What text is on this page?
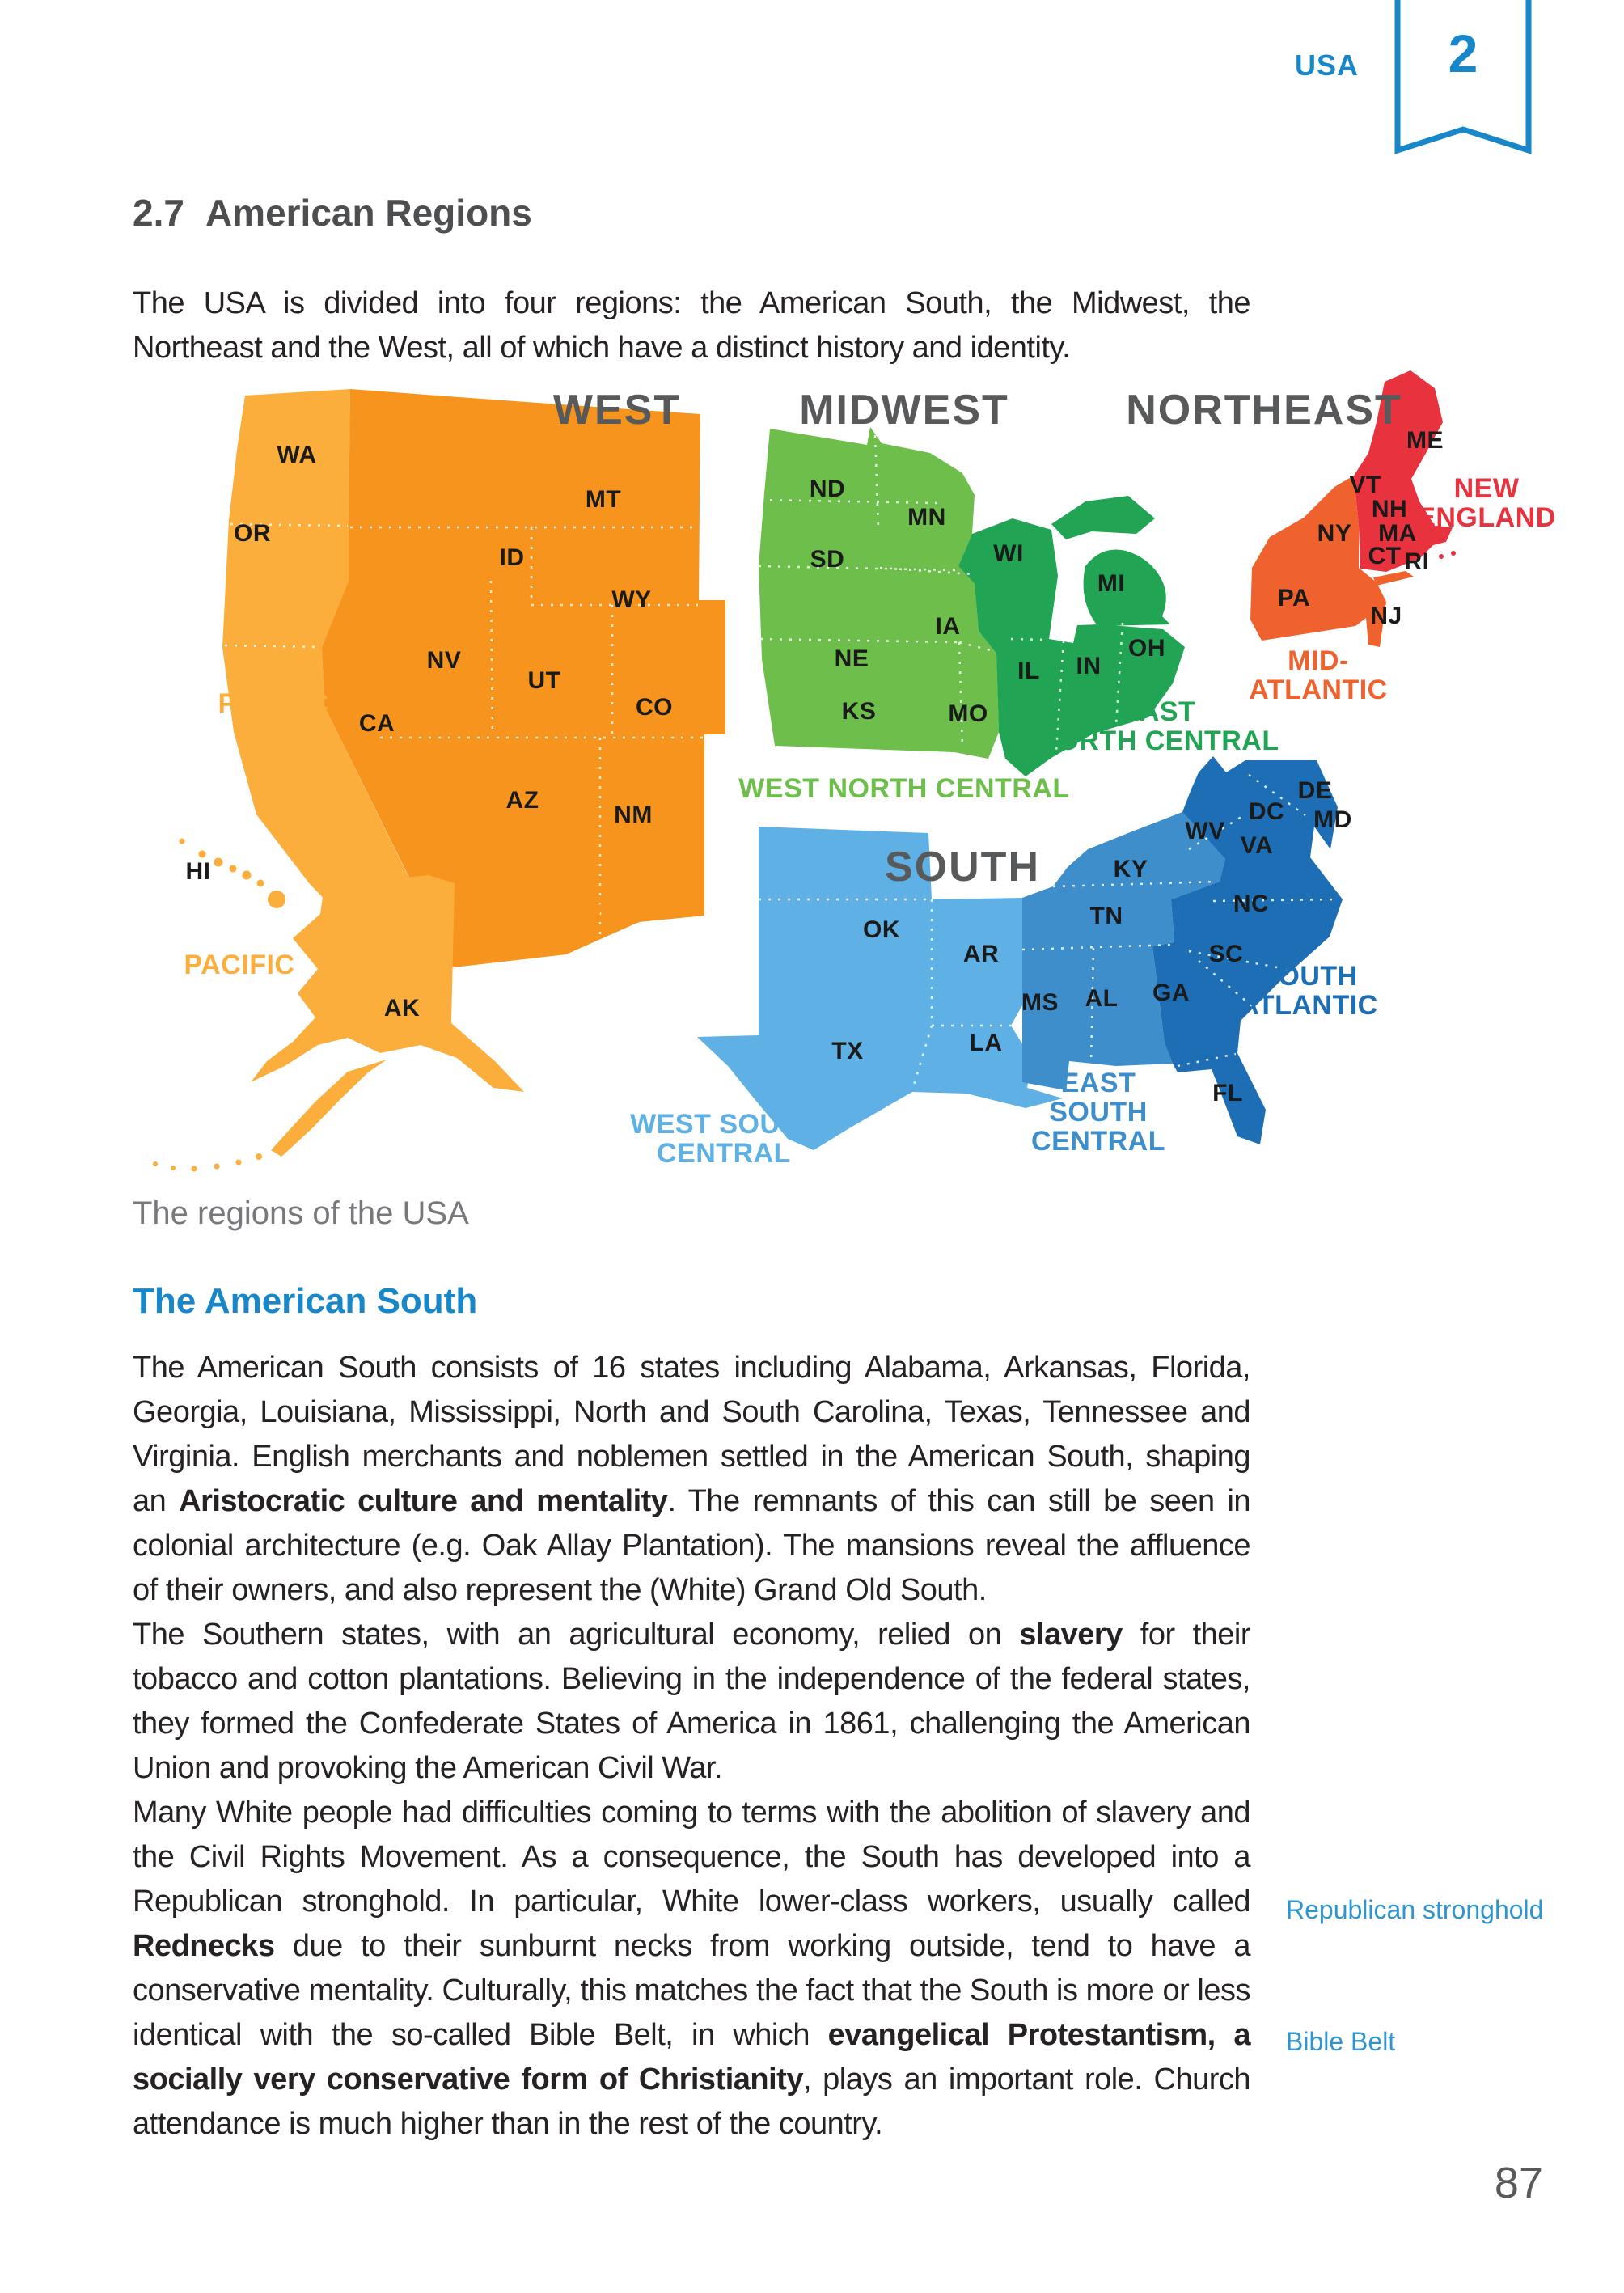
USA	2
2.7 American Regions
The USA is divided into four regions: the American South, the Midwest, the Northeast and the West, all of which have a distinct history and identity.
WEST	MIDWEST	NORTHEAST
SOUTH
PACIFIC
PACIFIC
MOUNTAIN
WEST NORTH CENTRAL
EAST
NORTH CENTRAL
NEW
ENGLAND
MID-
ATLANTIC
SOUTH
ATLANTIC
EAST
SOUTH
CENTRAL
WEST SOUTH
CENTRAL
WA
OR
MT
ID
WY
NV
UT
CO
CA
AZ
NM
HI
AK
ND
MN
SD	WI
MI
IA
NE	IL IN
OH
KS	MO
ME
VT
NH
MA
CT RI
NY
PA
NJ
DE
MD
DC
WV
VA
KY
NC
TN
SC
GA
AL
MS
AR
OK
LA
TX
FL
The regions of the USA
The American South

The American South consists of 16 states including Alabama, Arkansas, Florida, Georgia, Louisiana, Mississippi, North and South Carolina, Texas, Tennessee and Virginia. English merchants and noblemen settled in the American South, shaping an Aristocratic culture and mentality. The remnants of this can still be seen in colonial architecture (e.g. Oak Allay Plantation). The mansions reveal the affluence of their owners, and also represent the (White) Grand Old South.

The Southern states, with an agricultural economy, relied on slavery for their tobacco and cotton plantations. Believing in the independence of the federal states, they formed the Confederate States of America in 1861, challenging the American Union and provoking the American Civil War.

Many White people had difficulties coming to terms with the abolition of slavery and the Civil Rights Movement. As a consequence, the South has developed into a Republican stronghold. In particular, White lower-class workers, usually called Rednecks due to their sunburnt necks from working outside, tend to have a conservative mentality. Culturally, this matches the fact that the South is more or less identical with the so-called Bible Belt, in which evangelical Protestantism, a socially very conservative form of Christianity, plays an important role. Church attendance is much higher than in the rest of the country.

Republican stronghold
Bible Belt
87
